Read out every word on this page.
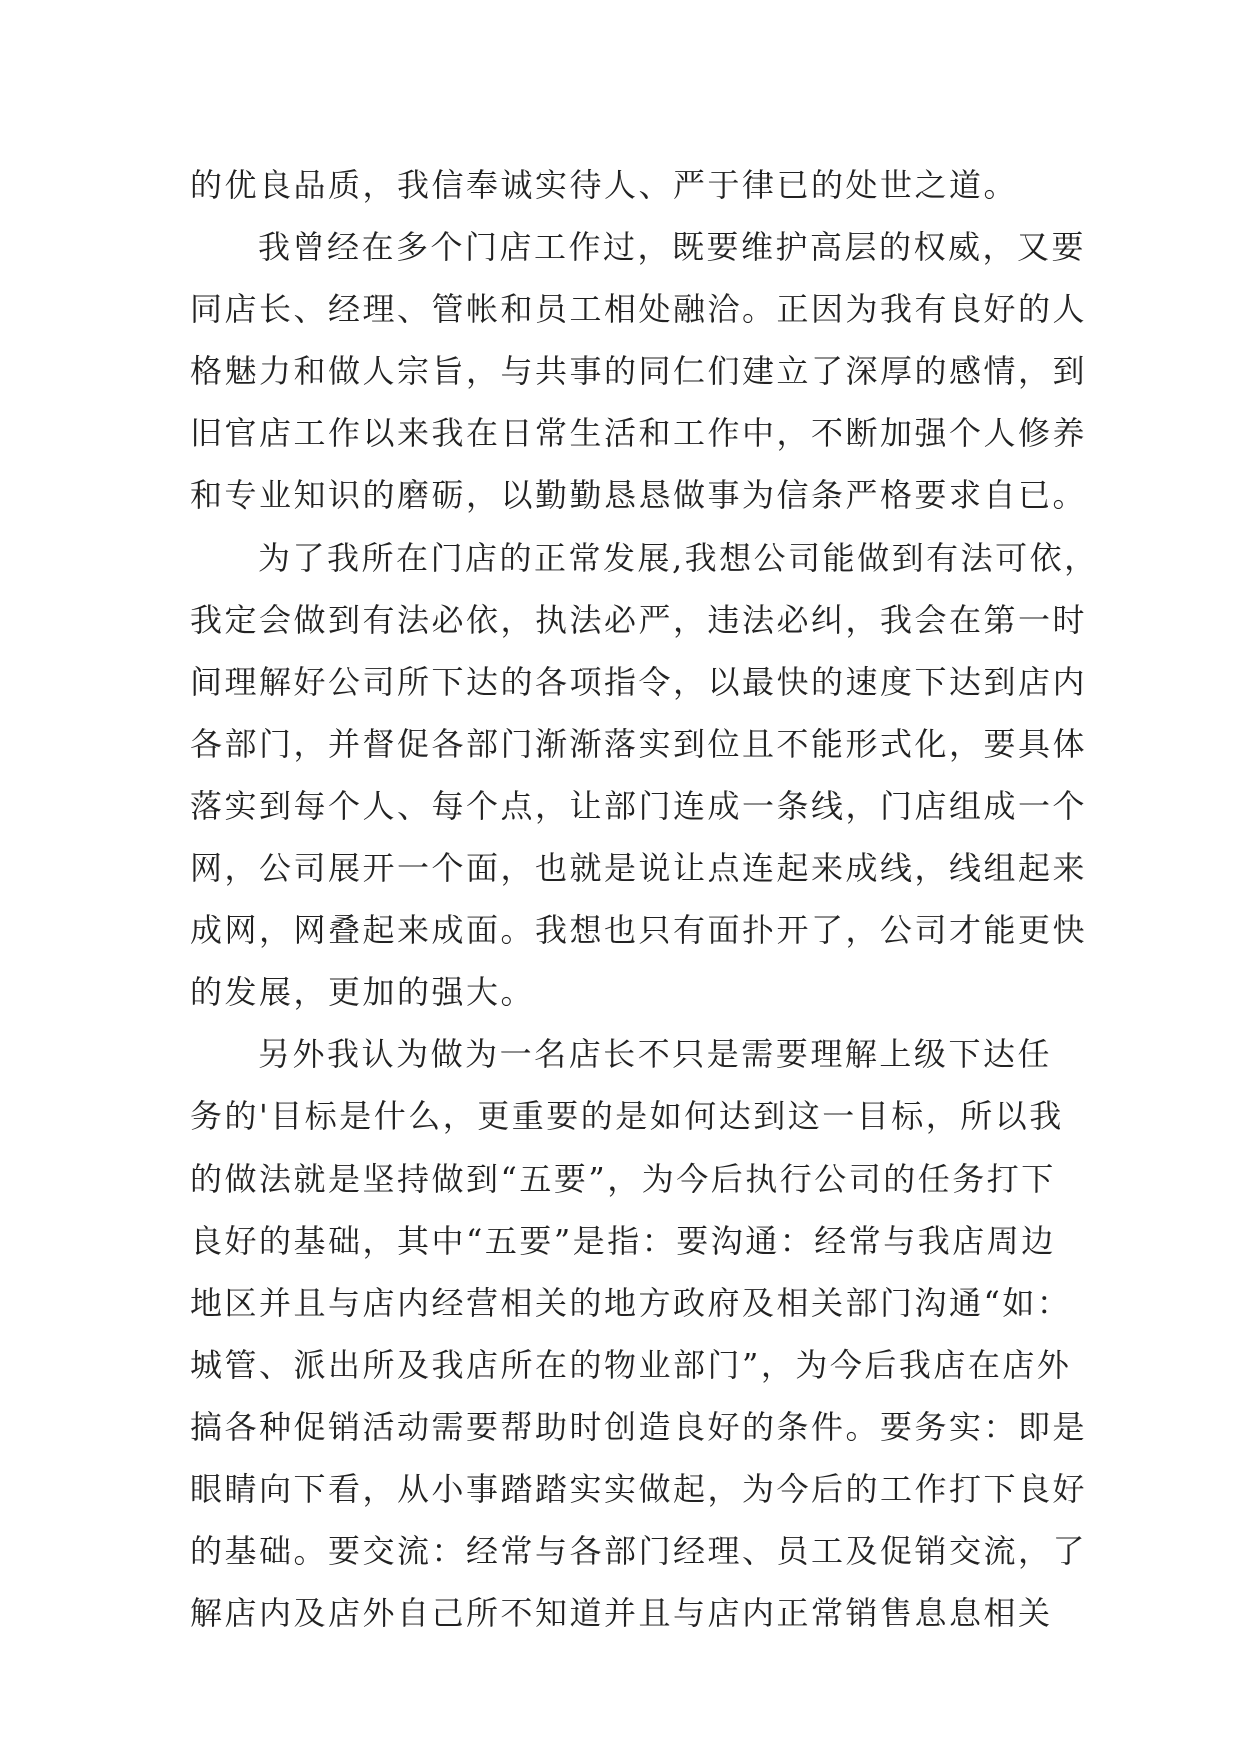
的优良品质，我信奉诚实待人、严于律已的处世之道。
我曾经在多个门店工作过，既要维护高层的权威，又要
同店长、经理、管帐和员工相处融洽。正因为我有良好的人
格魅力和做人宗旨，与共事的同仁们建立了深厚的感情，到
旧官店工作以来我在日常生活和工作中，不断加强个人修养
和专业知识的磨砺，以勤勤恳恳做事为信条严格要求自已。
为了我所在门店的正常发展,我想公司能做到有法可依，
我定会做到有法必依，执法必严，违法必纠，我会在第一时
间理解好公司所下达的各项指令，以最快的速度下达到店内
各部门，并督促各部门渐渐落实到位且不能形式化，要具体
落实到每个人、每个点，让部门连成一条线，门店组成一个
网，公司展开一个面，也就是说让点连起来成线，线组起来
成网，网叠起来成面。我想也只有面扑开了，公司才能更快
的发展，更加的强大。
另外我认为做为一名店长不只是需要理解上级下达任
务的'目标是什么，更重要的是如何达到这一目标，所以我
的做法就是坚持做到“五要”，为今后执行公司的任务打下
良好的基础，其中“五要”是指：要沟通：经常与我店周边
地区并且与店内经营相关的地方政府及相关部门沟通“如：
城管、派出所及我店所在的物业部门”，为今后我店在店外
搞各种促销活动需要帮助时创造良好的条件。要务实：即是
眼睛向下看，从小事踏踏实实做起，为今后的工作打下良好
的基础。要交流：经常与各部门经理、员工及促销交流，了
解店内及店外自己所不知道并且与店内正常销售息息相关
